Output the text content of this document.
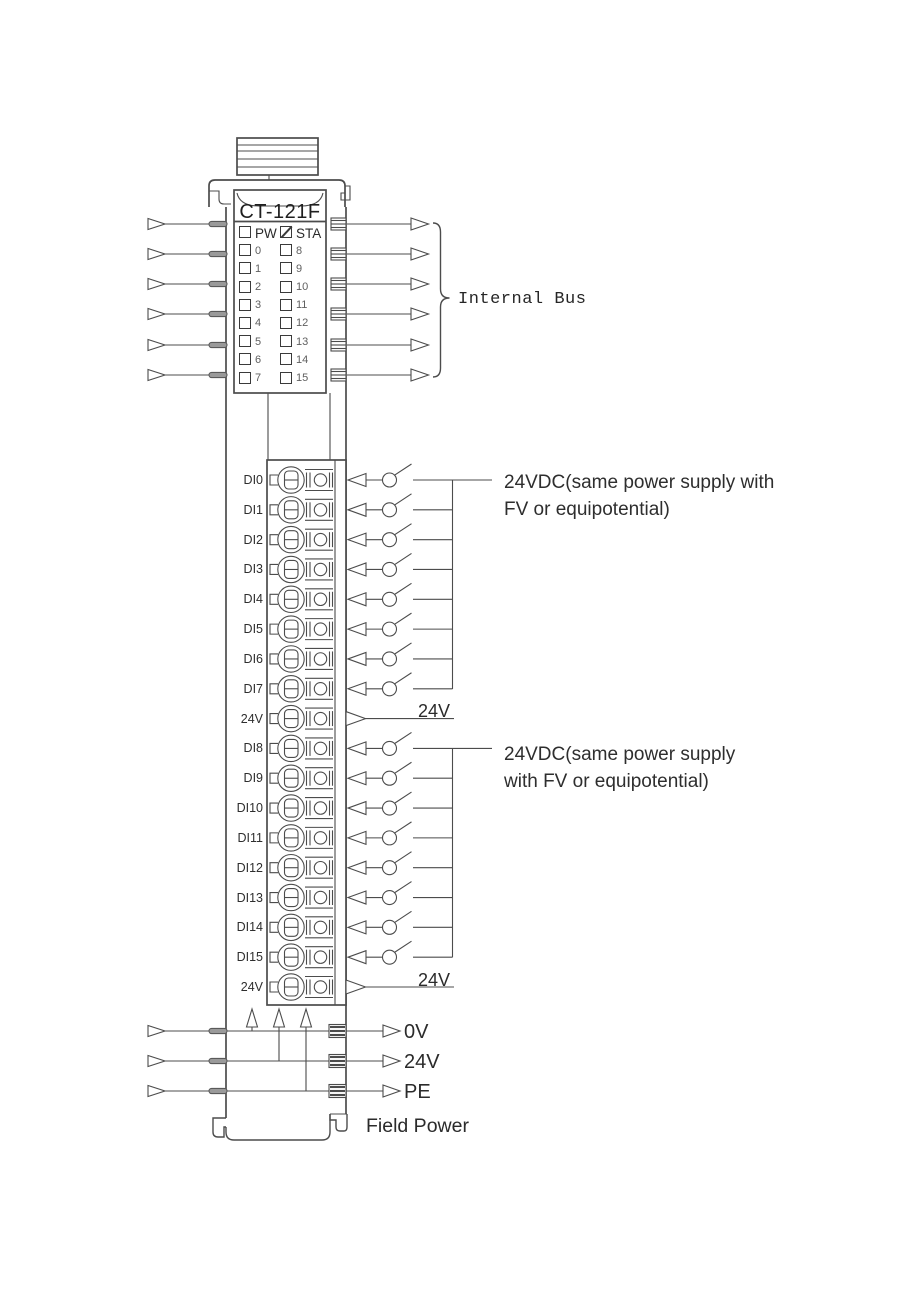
CT-121F
PW STA
0	8
1	9
2	10
3	11
4	12
5	13
6	14
7	15
Internal Bus
24VDC(same power supply with
FV or equipotential)
24V
24VDC(same power supply
with FV or equipotential)
24V
Field Power
DI0
DI1
DI2
DI3
DI4
DI5
DI6
DI7
24V
DI8
DI9
DI10
DI11
DI12
DI13
DI14
DI15
24V
0V
24V
PE
